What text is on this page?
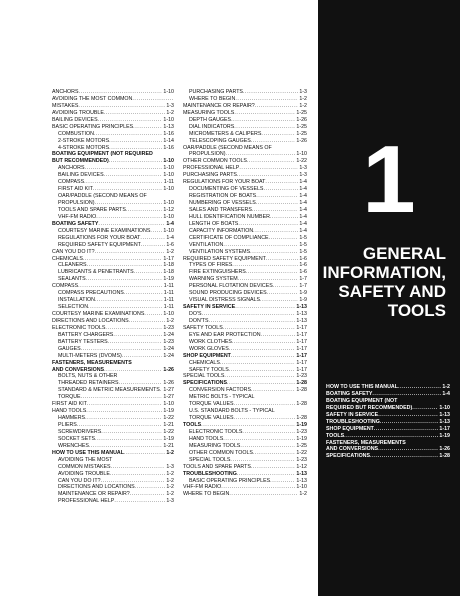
ANCHORS .....	1-10
AVOIDING THE MOST COMMON
.....
MISTAKES .....	1-3
AVOIDING TROUBLE .....	1-2
BAILING DEVICES .....	1-10
BASIC OPERATING PRINCIPLES .....	1-13
COMBUSTION .....	1-16
2-STROKE MOTORS .....	1-14
4-STROKE MOTORS .....	1-16
BOATING EQUIPMENT (NOT REQUIRED
BUT RECOMMENDED) .....	1-10
ANCHORS .....	1-10
BAILING DEVICES .....	1-10
COMPASS .....	1-11
FIRST AID KIT .....	1-10
OAR/PADDLE (SECOND MEANS OF
PROPULSION) .....	1-10
TOOLS AND SPARE PARTS .....	1-12
VHF-FM RADIO .....	1-10
BOATING SAFETY .....	1-4
COURTESY MARINE EXAMINATIONS ..... 1-10
REGULATIONS FOR YOUR BOAT .....	1-4
REQUIRED SAFETY EQUIPMENT .....	1-6
CAN YOU DO IT? .....	1-2
CHEMICALS .....	1-17
CLEANERS .....	1-18
LUBRICANTS & PENETRANTS .....	1-18
SEALANTS .....	1-19
COMPASS .....	1-11
COMPASS PRECAUTIONS .....	1-11
INSTALLATION .....	1-11
SELECTION .....	1-11
COURTESY MARINE EXAMINATIONS .....	1-10
DIRECTIONS AND LOCATIONS .....	1-2
ELECTRONIC TOOLS .....	1-23
BATTERY CHARGERS .....	1-24
BATTERY TESTERS .....	1-23
GAUGES .....	1-24
MULTI-METERS (DVOMS) .....	1-24
FASTENERS, MEASUREMENTS
AND CONVERSIONS .....	1-26
BOLTS, NUTS & OTHER
THREADED RETAINERS .....	1-26
STANDARD & METRIC MEASUREMENTS ..... 1-27
TORQUE .....	1-27
FIRST AID KIT .....	1-10
HAND TOOLS .....	1-19
HAMMERS .....	1-22
PLIERS .....	1-21
SCREWDRIVERS .....	1-22
SOCKET SETS .....	1-19
WRENCHES .....	1-21
HOW TO USE THIS MANUAL .....	1-2
AVOIDING THE MOST
COMMON MISTAKES .....	1-3
AVOIDING TROUBLE .....	1-2
CAN YOU DO IT? .....	1-2
DIRECTIONS AND LOCATIONS .....	1-2
MAINTENANCE OR REPAIR? .....	1-2
PROFESSIONAL HELP .....	1-3
PURCHASING PARTS .....	1-3
WHERE TO BEGIN .....	1-2
MAINTENANCE OR REPAIR? .....	1-2
MEASURING TOOLS .....	1-25
DEPTH GAUGES .....	1-26
DIAL INDICATORS .....	1-25
MICROMETERS & CALIPERS .....	1-25
TELESCOPING GAUGES .....	1-26
OAR/PADDLE (SECOND MEANS OF
PROPULSION) .....	1-10
OTHER COMMON TOOLS .....	1-22
PROFESSIONAL HELP .....	1-3
PURCHASING PARTS .....	1-3
REGULATIONS FOR YOUR BOAT .....	1-4
DOCUMENTING OF VESSELS .....	1-4
REGISTRATION OF BOATS .....	1-4
NUMBERING OF VESSELS .....	1-4
SALES AND TRANSFERS .....	1-4
HULL IDENTIFICATION NUMBER .....	1-4
LENGTH OF BOATS .....	1-4
CAPACITY INFORMATION .....	1-4
CERTIFICATE OF COMPLIANCE .....	1-5
VENTILATION .....	1-5
VENTILATION SYSTEMS .....	1-5
REQUIRED SAFETY EQUIPMENT .....	1-6
TYPES OF FIRES .....	1-6
FIRE EXTINGUISHERS .....	1-6
WARNING SYSTEM .....	1-7
PERSONAL FLOTATION DEVICES .....	1-7
SOUND PRODUCING DEVICES .....	1-9
VISUAL DISTRESS SIGNALS .....	1-9
SAFETY IN SERVICE .....	1-13
DO'S .....	1-13
DON'TS .....	1-13
SAFETY TOOLS .....	1-17
EYE AND EAR PROTECTION .....	1-17
WORK CLOTHES .....	1-17
WORK GLOVES .....	1-17
SHOP EQUIPMENT .....	1-17
CHEMICALS .....	1-17
SAFETY TOOLS .....	1-17
SPECIAL TOOLS .....	1-23
SPECIFICATIONS .....	1-28
CONVERSION FACTORS .....	1-28
METRIC BOLTS - TYPICAL
TORQUE VALUES .....	1-28
U.S. STANDARD BOLTS - TYPICAL
TORQUE VALUES .....	1-28
TOOLS .....	1-19
ELECTRONIC TOOLS .....	1-23
HAND TOOLS .....	1-19
MEASURING TOOLS .....	1-25
OTHER COMMON TOOLS .....	1-22
SPECIAL TOOLS .....	1-23
TOOLS AND SPARE PARTS .....	1-12
TROUBLESHOOTING .....	1-13
BASIC OPERATING PRINCIPLES .....	1-13
VHF-FM RADIO .....	1-10
WHERE TO BEGIN .....	1-2
1
GENERAL
INFORMATION,
SAFETY AND
TOOLS
HOW TO USE THIS MANUAL .....	1-2
BOATING SAFETY .....	1-4
BOATING EQUIPMENT (NOT
REQUIRED BUT RECOMMENDED) .....	1-10
SAFETY IN SERVICE .....	1-13
TROUBLESHOOTING .....	1-13
SHOP EQUIPMENT .....	1-17
TOOLS .....	1-19
FASTENERS, MEASUREMENTS
AND CONVERSIONS .....	1-26
SPECIFICATIONS .....	1-28
